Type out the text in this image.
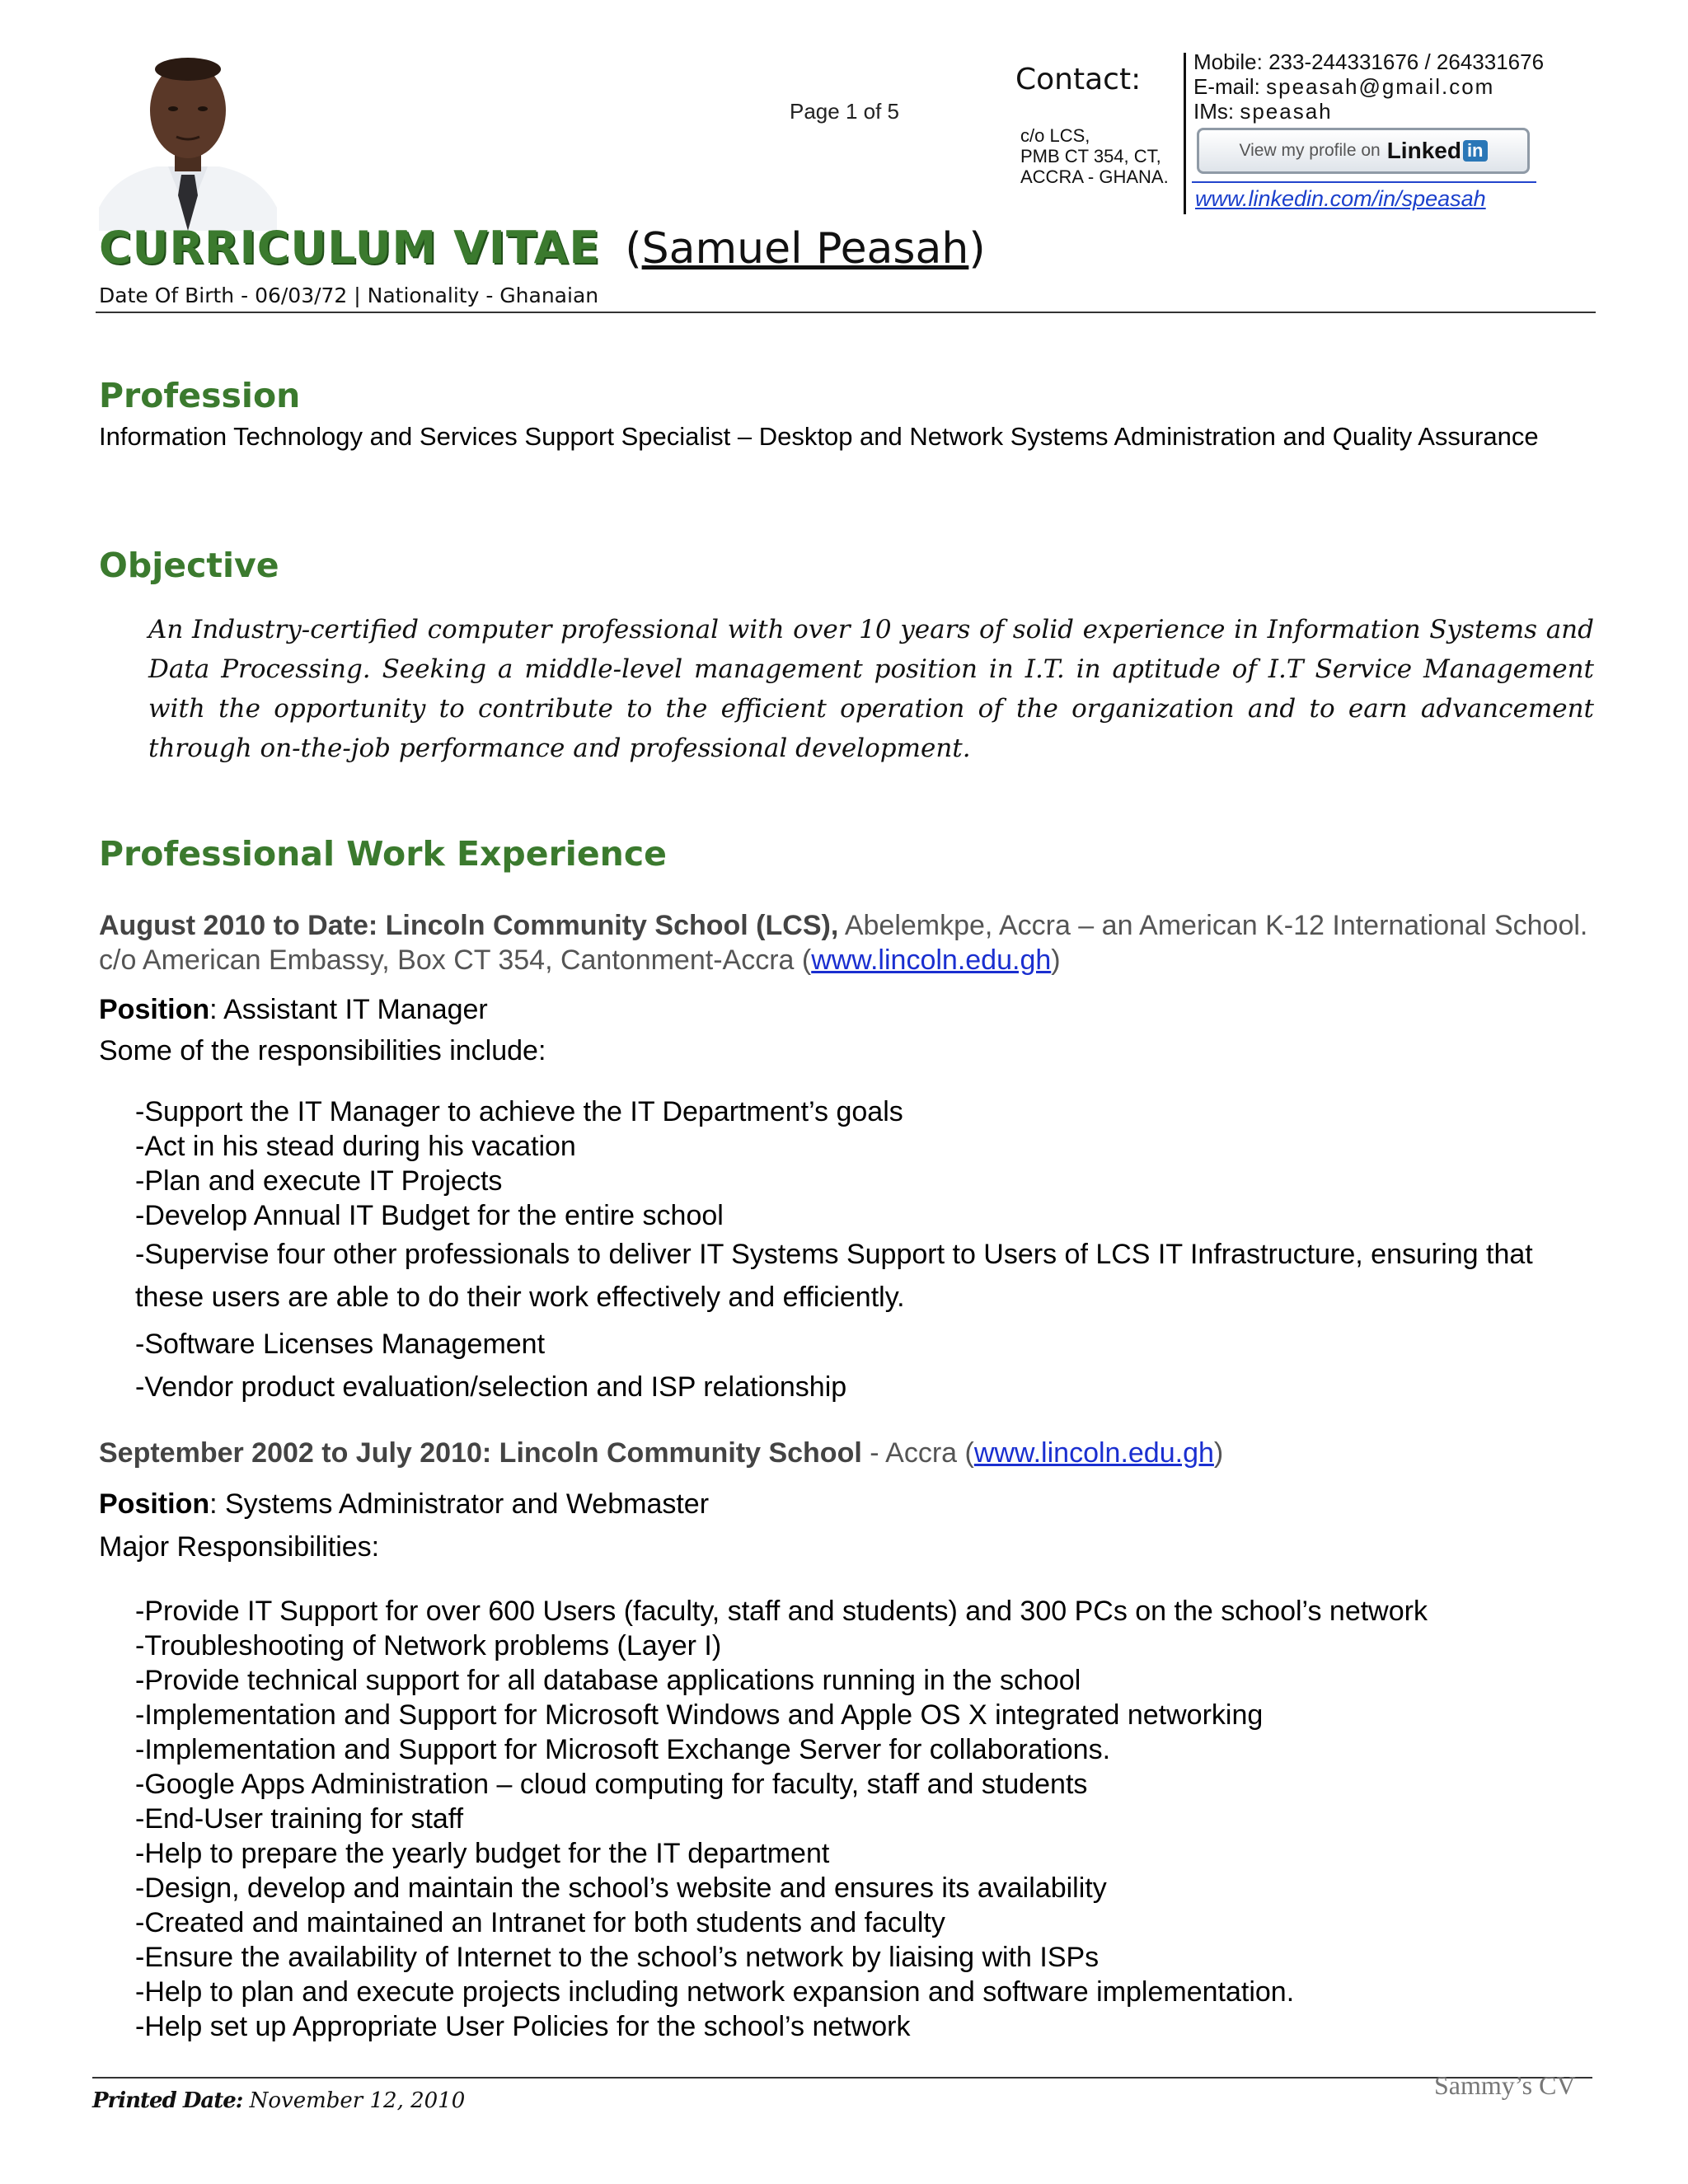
Page 1 of 5
Contact:
c/o LCS,
PMB CT 354, CT,
ACCRA - GHANA.
Mobile: 233-244331676 / 264331676
E-mail: speasah@gmail.com
IMs: speasah
View my profile on Linked in
www.linkedin.com/in/speasah
CURRICULUM VITAE (Samuel Peasah)
Date Of Birth - 06/03/72 | Nationality - Ghanaian
Profession
Information Technology and Services Support Specialist – Desktop and Network Systems Administration and Quality Assurance
Objective
An Industry-certified computer professional with over 10 years of solid experience in Information Systems and Data Processing. Seeking a middle-level management position in I.T. in aptitude of I.T Service Management with the opportunity to contribute to the efficient operation of the organization and to earn advancement through on-the-job performance and professional development.
Professional Work Experience
August 2010 to Date: Lincoln Community School (LCS), Abelemkpe, Accra – an American K-12 International School. c/o American Embassy, Box CT 354, Cantonment-Accra (www.lincoln.edu.gh)
Position: Assistant IT Manager
Some of the responsibilities include:
-Support the IT Manager to achieve the IT Department’s goals
-Act in his stead during his vacation
-Plan and execute IT Projects
-Develop Annual IT Budget for the entire school
-Supervise four other professionals to deliver IT Systems Support to Users of LCS IT Infrastructure, ensuring that these users are able to do their work effectively and efficiently.
-Software Licenses Management
-Vendor product evaluation/selection and ISP relationship
September 2002 to July 2010: Lincoln Community School - Accra (www.lincoln.edu.gh)
Position: Systems Administrator and Webmaster
Major Responsibilities:
-Provide IT Support for over 600 Users (faculty, staff and students) and 300 PCs on the school’s network
-Troubleshooting of Network problems (Layer I)
-Provide technical support for all database applications running in the school
-Implementation and Support for Microsoft Windows and Apple OS X integrated networking
-Implementation and Support for Microsoft Exchange Server for collaborations.
-Google Apps Administration – cloud computing for faculty, staff and students
-End-User training for staff
-Help to prepare the yearly budget for the IT department
-Design, develop and maintain the school’s website and ensures its availability
-Created and maintained an Intranet for both students and faculty
-Ensure the availability of Internet to the school’s network by liaising with ISPs
-Help to plan and execute projects including network expansion and software implementation.
-Help set up Appropriate User Policies for the school’s network
Printed Date: November 12, 2010
Sammy’s CV
